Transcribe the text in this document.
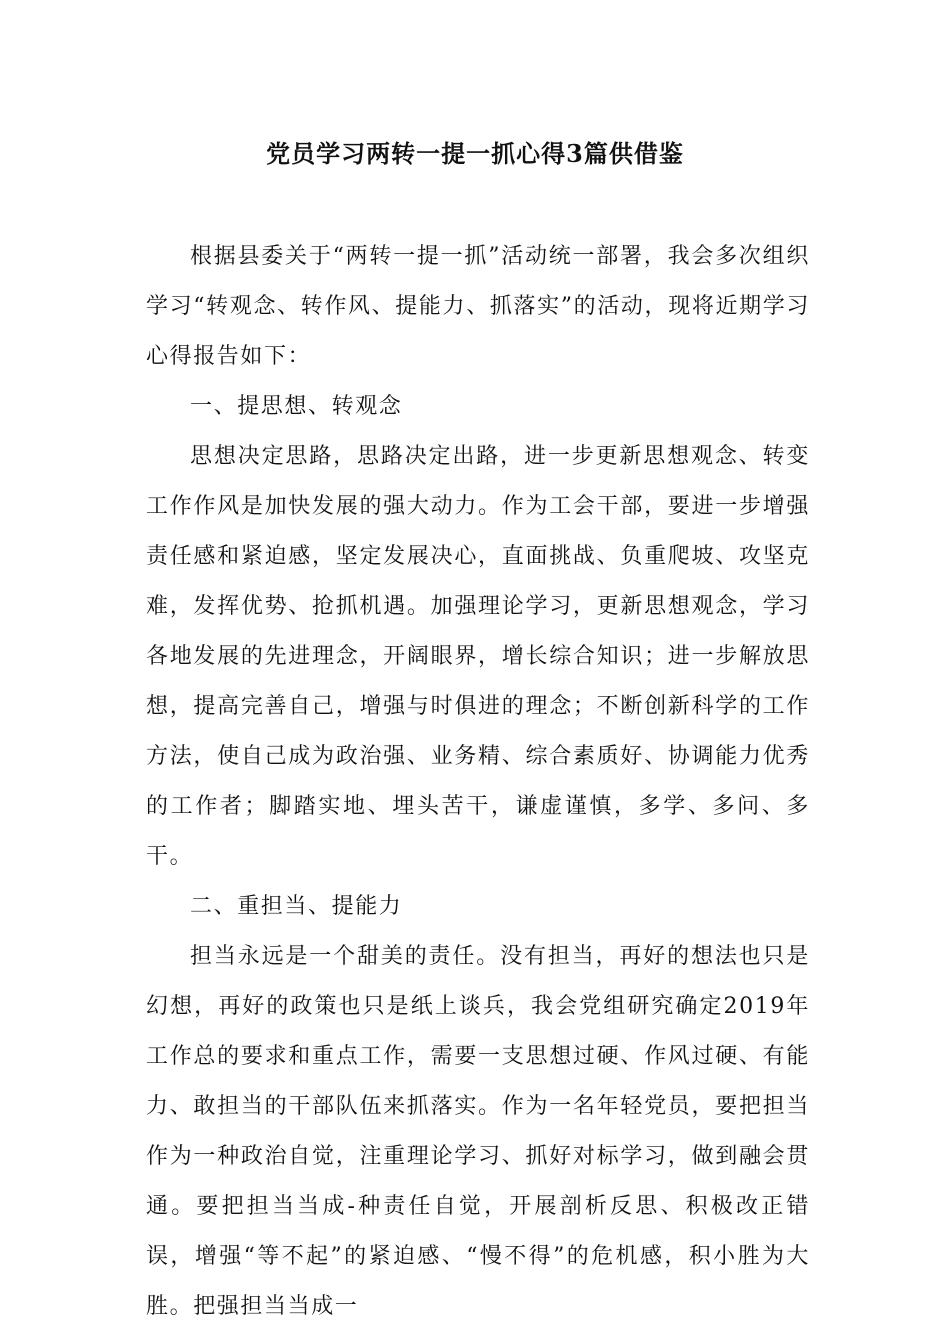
党员学习两转一提一抓心得3篇供借鉴

根据县委关于“两转一提一抓”活动统一部署，我会多次组织学习“转观念、转作风、提能力、抓落实”的活动，现将近期学习心得报告如下：

一、提思想、转观念

思想决定思路，思路决定出路，进一步更新思想观念、转变工作作风是加快发展的强大动力。作为工会干部，要进一步增强责任感和紧迫感，坚定发展决心，直面挑战、负重爬坡、攻坚克难，发挥优势、抢抓机遇。加强理论学习，更新思想观念，学习各地发展的先进理念，开阔眼界，增长综合知识；进一步解放思想，提高完善自己，增强与时俱进的理念；不断创新科学的工作方法，使自己成为政治强、业务精、综合素质好、协调能力优秀的工作者；脚踏实地、埋头苦干，谦虚谨慎，多学、多问、多干。

二、重担当、提能力

担当永远是一个甜美的责任。没有担当，再好的想法也只是幻想，再好的政策也只是纸上谈兵，我会党组研究确定2019年工作总的要求和重点工作，需要一支思想过硬、作风过硬、有能力、敢担当的干部队伍来抓落实。作为一名年轻党员，要把担当作为一种政治自觉，注重理论学习、抓好对标学习，做到融会贯通。要把担当当成-种责任自觉，开展剖析反思、积极改正错误，增强“等不起”的紧迫感、“慢不得”的危机感，积小胜为大胜。把强担当当成一
